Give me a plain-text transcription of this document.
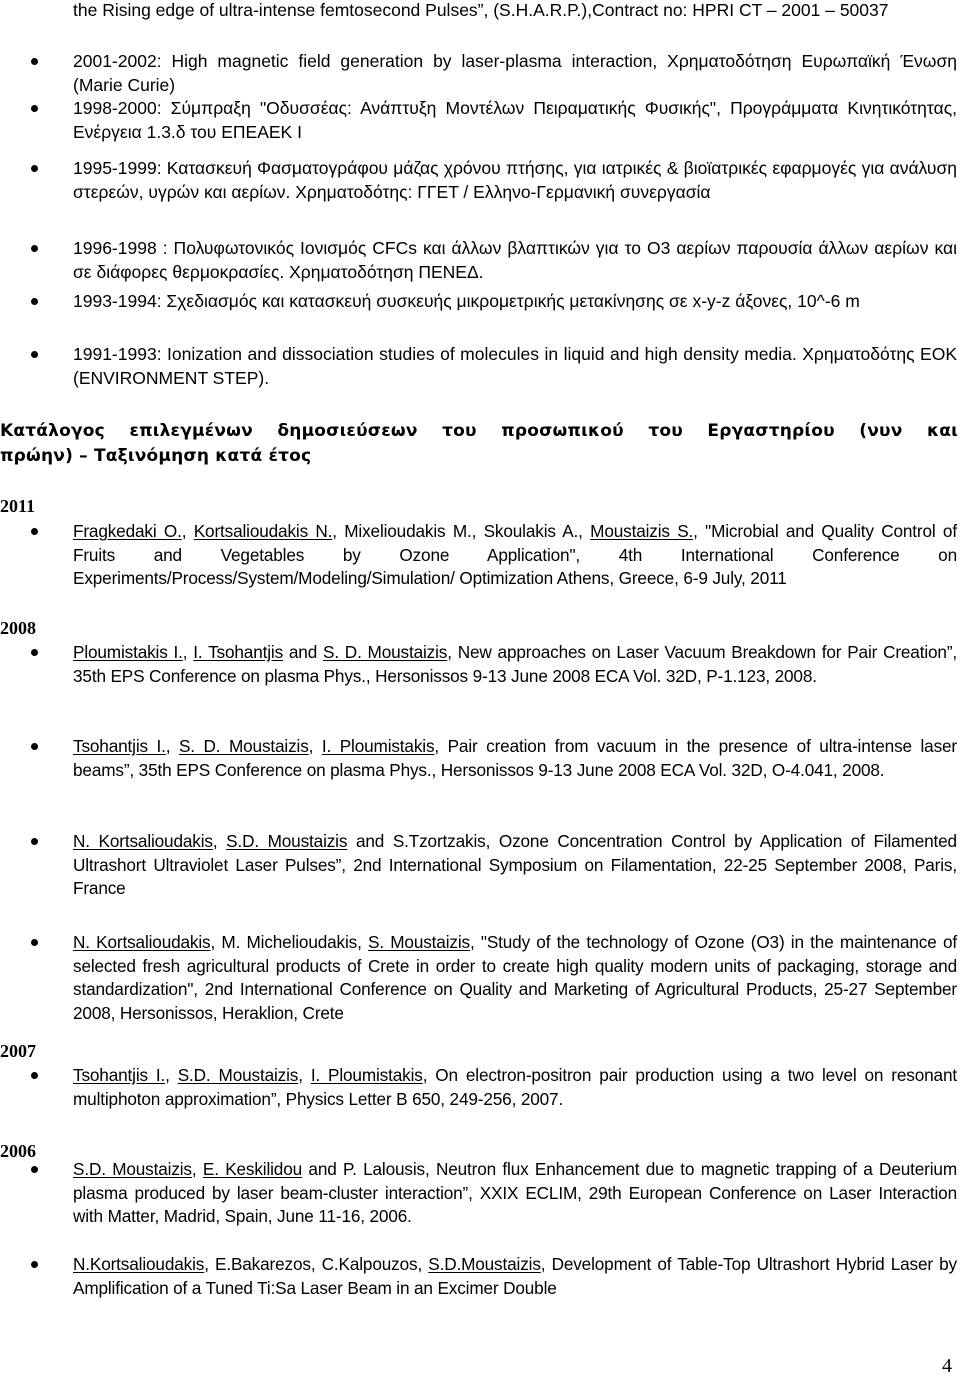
the Rising edge of ultra-intense femtosecond Pulses”, (S.H.A.R.P.),Contract no: HPRI CT – 2001 – 50037

2001-2002: High magnetic field generation by laser-plasma interaction, Χρηματοδότηση Ευρωπαϊκή Ένωση (Marie Curie)

1998-2000: Σύμπραξη "Οδυσσέας: Ανάπτυξη Μοντέλων Πειραματικής Φυσικής", Προγράμματα Κινητικότητας, Ενέργεια 1.3.δ του ΕΠΕΑΕΚ Ι

1995-1999: Κατασκευή Φασματογράφου μάζας χρόνου πτήσης, για ιατρικές & βιοϊατρικές εφαρμογές για ανάλυση στερεών, υγρών και αερίων. Χρηματοδότης: ΓΓΕΤ / Ελληνο-Γερμανική συνεργασία

1996-1998 : Πολυφωτονικός Ιονισμός CFCs και άλλων βλαπτικών για το O3 αερίων παρουσία άλλων αερίων και σε διάφορες θερμοκρασίες. Χρηματοδότηση ΠΕΝΕΔ.

1993-1994: Σχεδιασμός και κατασκευή συσκευής μικρομετρικής μετακίνησης σε x-y-z άξονες, 10^-6 m

1991-1993: Ionization and dissociation studies of molecules in liquid and high density media. Χρηματοδότης ΕΟΚ (ENVIRONMENT STEP).

Κατάλογος επιλεγμένων δημοσιεύσεων του προσωπικού του Εργαστηρίου (νυν και
πρώην) – Ταξινόμηση κατά έτος

2011

2008

2007

2006

Fragkedaki O., Kortsalioudakis N., Mixelioudakis M., Skoulakis A., Moustaizis S., "Microbial and Quality Control of Fruits and Vegetables by Ozone Application", 4th International Conference on Experiments/Process/System/Modeling/Simulation/ Optimization Athens, Greece, 6-9 July, 2011

Ploumistakis I., I. Tsohantjis and S. D. Moustaizis, New approaches on Laser Vacuum Breakdown for Pair Creation”, 35th EPS Conference on plasma Phys., Hersonissos 9-13 June 2008 ECA Vol. 32D, P-1.123, 2008.

Tsohantjis I., S. D. Moustaizis, I. Ploumistakis, Pair creation from vacuum in the presence of ultra-intense laser beams”, 35th EPS Conference on plasma Phys., Hersonissos 9-13 June 2008 ECA Vol. 32D, O-4.041, 2008.

N. Kortsalioudakis, S.D. Moustaizis and S.Tzortzakis, Ozone Concentration Control by Application of Filamented Ultrashort Ultraviolet Laser Pulses”, 2nd International Symposium on Filamentation, 22-25 September 2008, Paris, France

N. Kortsalioudakis, M. Michelioudakis, S. Moustaizis, "Study of the technology of Ozone (O3) in the maintenance of selected fresh agricultural products of Crete in order to create high quality modern units of packaging, storage and standardization", 2nd International Conference on Quality and Marketing of Agricultural Products, 25-27 September 2008, Hersonissos, Heraklion, Crete

Tsohantjis I., S.D. Moustaizis, I. Ploumistakis, On electron-positron pair production using a two level on resonant multiphoton approximation”, Physics Letter B 650, 249-256, 2007.

S.D. Moustaizis, E. Keskilidou and P. Lalousis, Neutron flux Enhancement due to magnetic trapping of a Deuterium plasma produced by laser beam-cluster interaction”, XXIX ECLIM, 29th European Conference on Laser Interaction with Matter, Madrid, Spain, June 11-16, 2006.

N.Kortsalioudakis, E.Bakarezos, C.Kalpouzos, S.D.Moustaizis, Development of Table-Top Ultrashort Hybrid Laser by Amplification of a Tuned Ti:Sa Laser Beam in an Excimer Double

4
